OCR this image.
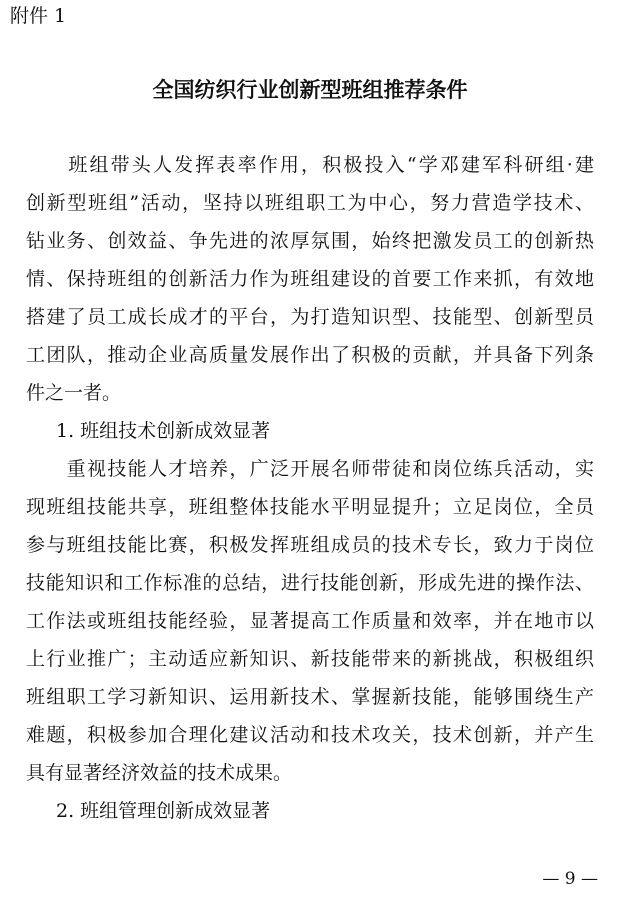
附件 1
全国纺织行业创新型班组推荐条件
　　班组带头人发挥表率作用，积极投入“学邓建军科研组·建
创新型班组”活动，坚持以班组职工为中心，努力营造学技术、
钻业务、创效益、争先进的浓厚氛围，始终把激发员工的创新热
情、保持班组的创新活力作为班组建设的首要工作来抓，有效地
搭建了员工成长成才的平台，为打造知识型、技能型、创新型员
工团队，推动企业高质量发展作出了积极的贡献，并具备下列条
件之一者。
1. 班组技术创新成效显著
　　重视技能人才培养，广泛开展名师带徒和岗位练兵活动，实
现班组技能共享，班组整体技能水平明显提升；立足岗位，全员
参与班组技能比赛，积极发挥班组成员的技术专长，致力于岗位
技能知识和工作标准的总结，进行技能创新，形成先进的操作法、
工作法或班组技能经验，显著提高工作质量和效率，并在地市以
上行业推广；主动适应新知识、新技能带来的新挑战，积极组织
班组职工学习新知识、运用新技术、掌握新技能，能够围绕生产
难题，积极参加合理化建议活动和技术攻关，技术创新，并产生
具有显著经济效益的技术成果。
2. 班组管理创新成效显著
— 9 —
